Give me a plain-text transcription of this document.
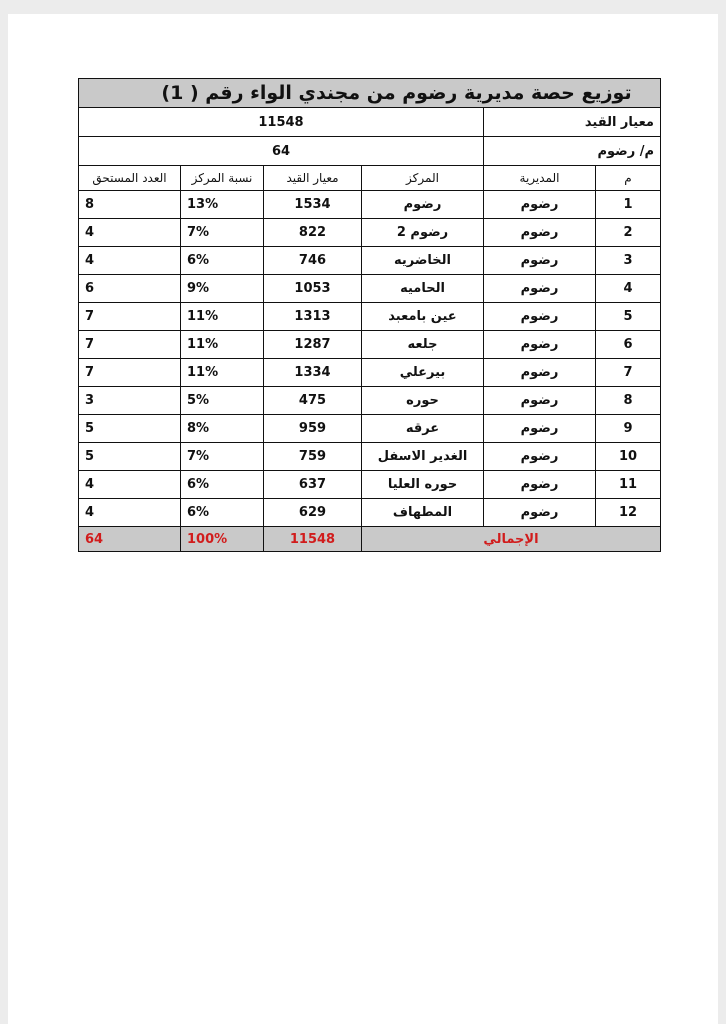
توزيع حصة مديرية رضوم من مجندي الواء رقم ( 1)					
معيار القيد		11548			
م/ رضوم		64			
م	المديرية	المركز	معيار القيد	نسبة المركز	العدد المستحق
1	رضوم	رضوم	1534	13%	8
2	رضوم	رضوم 2	822	7%	4
3	رضوم	الخاضريه	746	6%	4
4	رضوم	الحاميه	1053	9%	6
5	رضوم	عين بامعبد	1313	11%	7
6	رضوم	جلعه	1287	11%	7
7	رضوم	بيرعلي	1334	11%	7
8	رضوم	حوره	475	5%	3
9	رضوم	عرقه	959	8%	5
10	رضوم	الغدير الاسفل	759	7%	5
11	رضوم	حوره العليا	637	6%	4
12	رضوم	المطهاف	629	6%	4
الإجمالي			11548	100%	64
